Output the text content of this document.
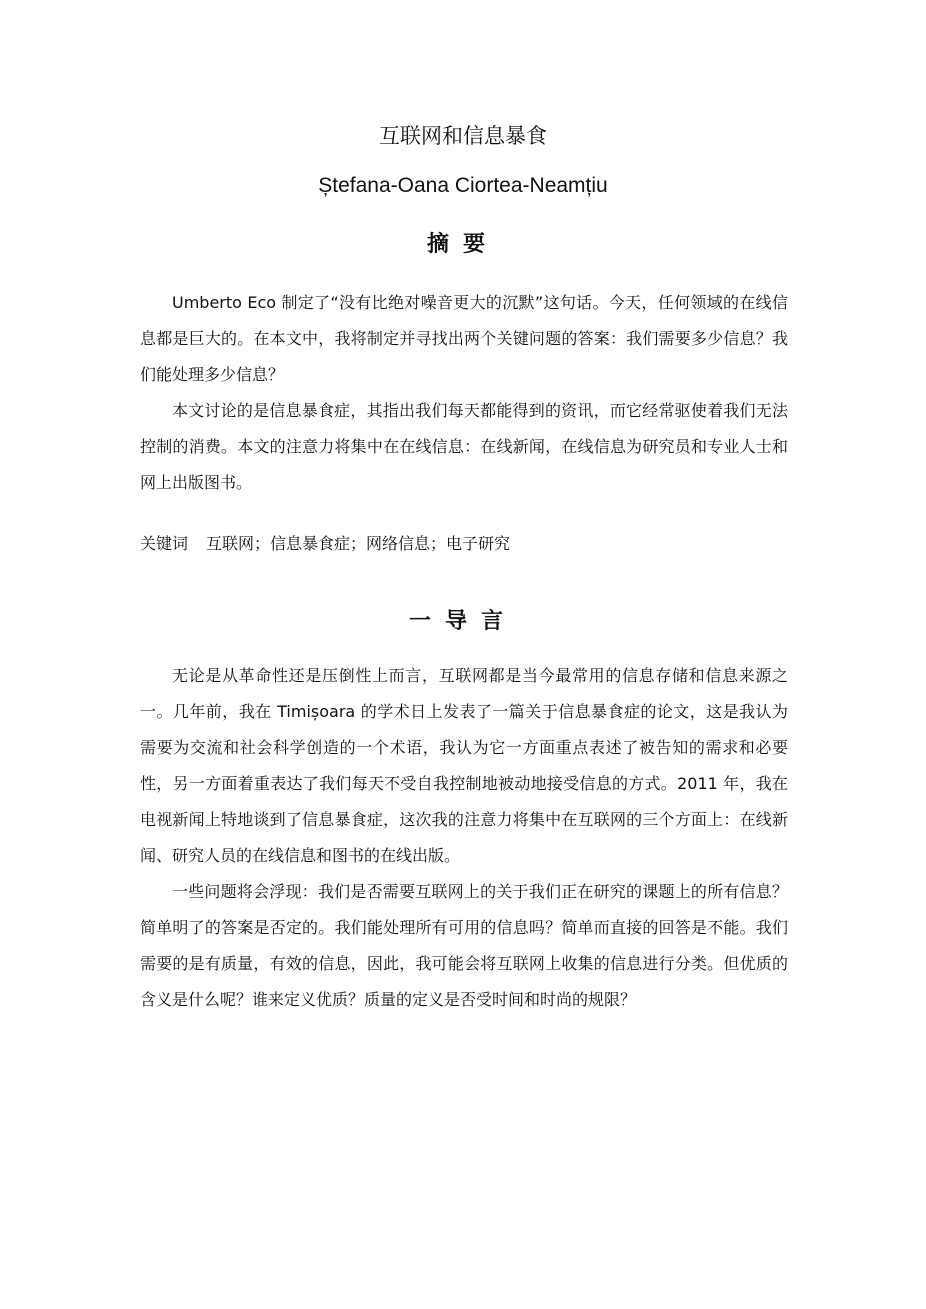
互联网和信息暴食
Ștefana-Oana Ciortea-Neamțiu
摘要

Umberto Eco 制定了“没有比绝对噪音更大的沉默”这句话。今天，任何领域的在线信息都是巨大的。在本文中，我将制定并寻找出两个关键问题的答案：我们需要多少信息？我们能处理多少信息？

本文讨论的是信息暴食症，其指出我们每天都能得到的资讯，而它经常驱使着我们无法控制的消费。本文的注意力将集中在在线信息：在线新闻，在线信息为研究员和专业人士和网上出版图书。

关键词 互联网；信息暴食症；网络信息；电子研究
一导言

无论是从革命性还是压倒性上而言，互联网都是当今最常用的信息存储和信息来源之一。几年前，我在 Timișoara 的学术日上发表了一篇关于信息暴食症的论文，这是我认为需要为交流和社会科学创造的一个术语，我认为它一方面重点表述了被告知的需求和必要性，另一方面着重表达了我们每天不受自我控制地被动地接受信息的方式。2011 年，我在电视新闻上特地谈到了信息暴食症，这次我的注意力将集中在互联网的三个方面上：在线新闻、研究人员的在线信息和图书的在线出版。

一些问题将会浮现：我们是否需要互联网上的关于我们正在研究的课题上的所有信息？简单明了的答案是否定的。我们能处理所有可用的信息吗？简单而直接的回答是不能。我们需要的是有质量，有效的信息，因此，我可能会将互联网上收集的信息进行分类。但优质的含义是什么呢？谁来定义优质？质量的定义是否受时间和时尚的规限？
